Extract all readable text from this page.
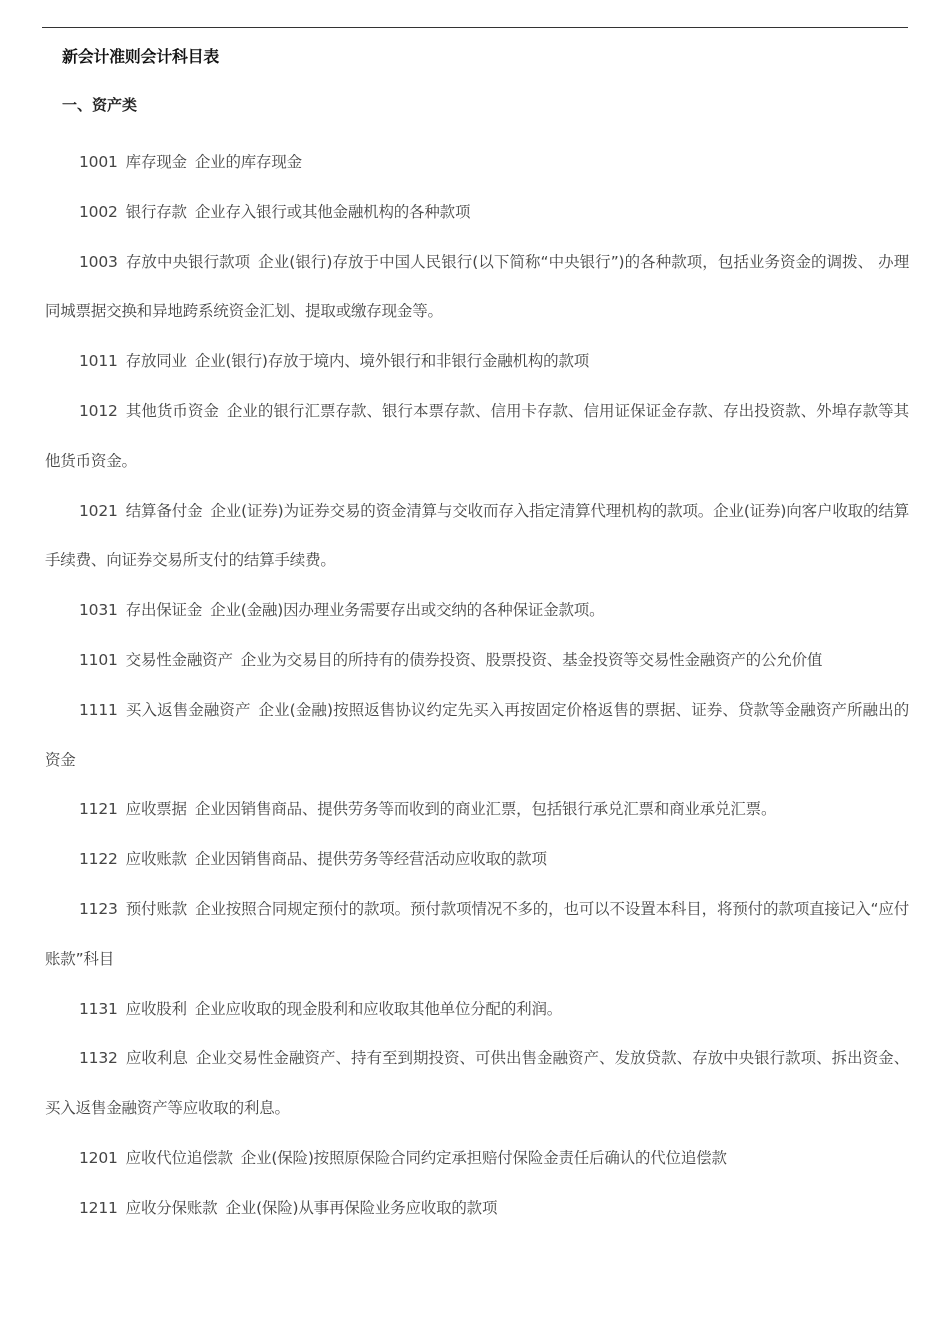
新会计准则会计科目表
一、资产类

1001 库存现金 企业的库存现金

1002 银行存款 企业存入银行或其他金融机构的各种款项

1003 存放中央银行款项 企业(银行)存放于中国人民银行(以下简称“中央银行”)的各种款项，包括业务资金的调拨、 办理同城票据交换和异地跨系统资金汇划、提取或缴存现金等。

1011 存放同业 企业(银行)存放于境内、境外银行和非银行金融机构的款项

1012 其他货币资金 企业的银行汇票存款、银行本票存款、信用卡存款、信用证保证金存款、存出投资款、外埠存款等其他货币资金。

1021 结算备付金 企业(证券)为证券交易的资金清算与交收而存入指定清算代理机构的款项。企业(证券)向客户收取的结算手续费、向证券交易所支付的结算手续费。

1031 存出保证金 企业(金融)因办理业务需要存出或交纳的各种保证金款项。

1101 交易性金融资产 企业为交易目的所持有的债券投资、股票投资、基金投资等交易性金融资产的公允价值

1111 买入返售金融资产 企业(金融)按照返售协议约定先买入再按固定价格返售的票据、证券、贷款等金融资产所融出的资金

1121 应收票据 企业因销售商品、提供劳务等而收到的商业汇票，包括银行承兑汇票和商业承兑汇票。

1122 应收账款 企业因销售商品、提供劳务等经营活动应收取的款项

1123 预付账款 企业按照合同规定预付的款项。预付款项情况不多的，也可以不设置本科目，将预付的款项直接记入“应付账款”科目

1131 应收股利 企业应收取的现金股利和应收取其他单位分配的利润。

1132 应收利息 企业交易性金融资产、持有至到期投资、可供出售金融资产、发放贷款、存放中央银行款项、拆出资金、买入返售金融资产等应收取的利息。

1201 应收代位追偿款 企业(保险)按照原保险合同约定承担赔付保险金责任后确认的代位追偿款

1211 应收分保账款 企业(保险)从事再保险业务应收取的款项
